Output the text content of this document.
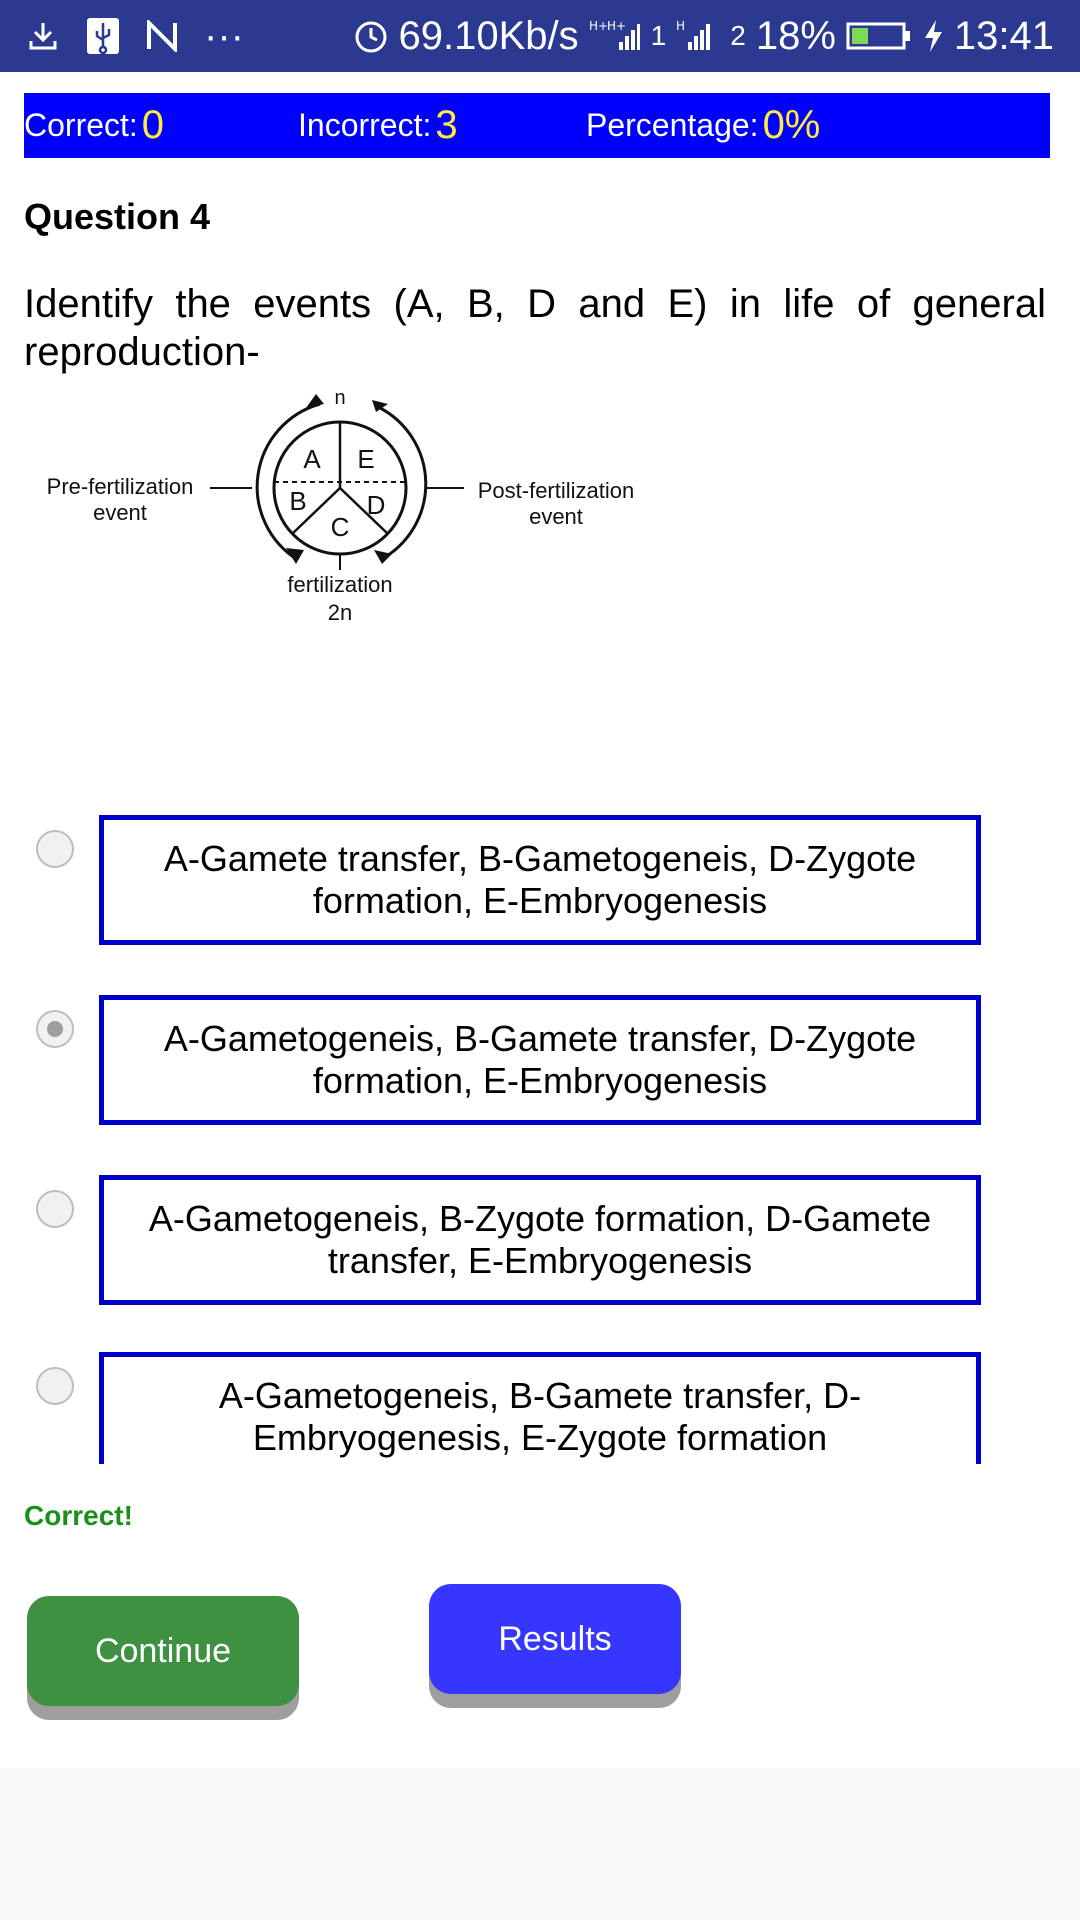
···	69.10Kb/s H+
H+ 1 H 2 18%	13:41
Correct: 0	Incorrect: 3	Percentage: 0%
Question 4
Identify the events (A, B, D and E) in life of general reproduction-
n
A E
B D
C
Pre-fertilization
event
Post-fertilization
event
fertilization
2n
A-Gamete transfer, B-Gametogeneis, D-Zygote formation, E-Embryogenesis
A-Gametogeneis, B-Gamete transfer, D-Zygote formation, E-Embryogenesis
A-Gametogeneis, B-Zygote formation, D-Gamete transfer, E-Embryogenesis
A-Gametogeneis, B-Gamete transfer, D-Embryogenesis, E-Zygote formation
Correct!
Continue	Results
